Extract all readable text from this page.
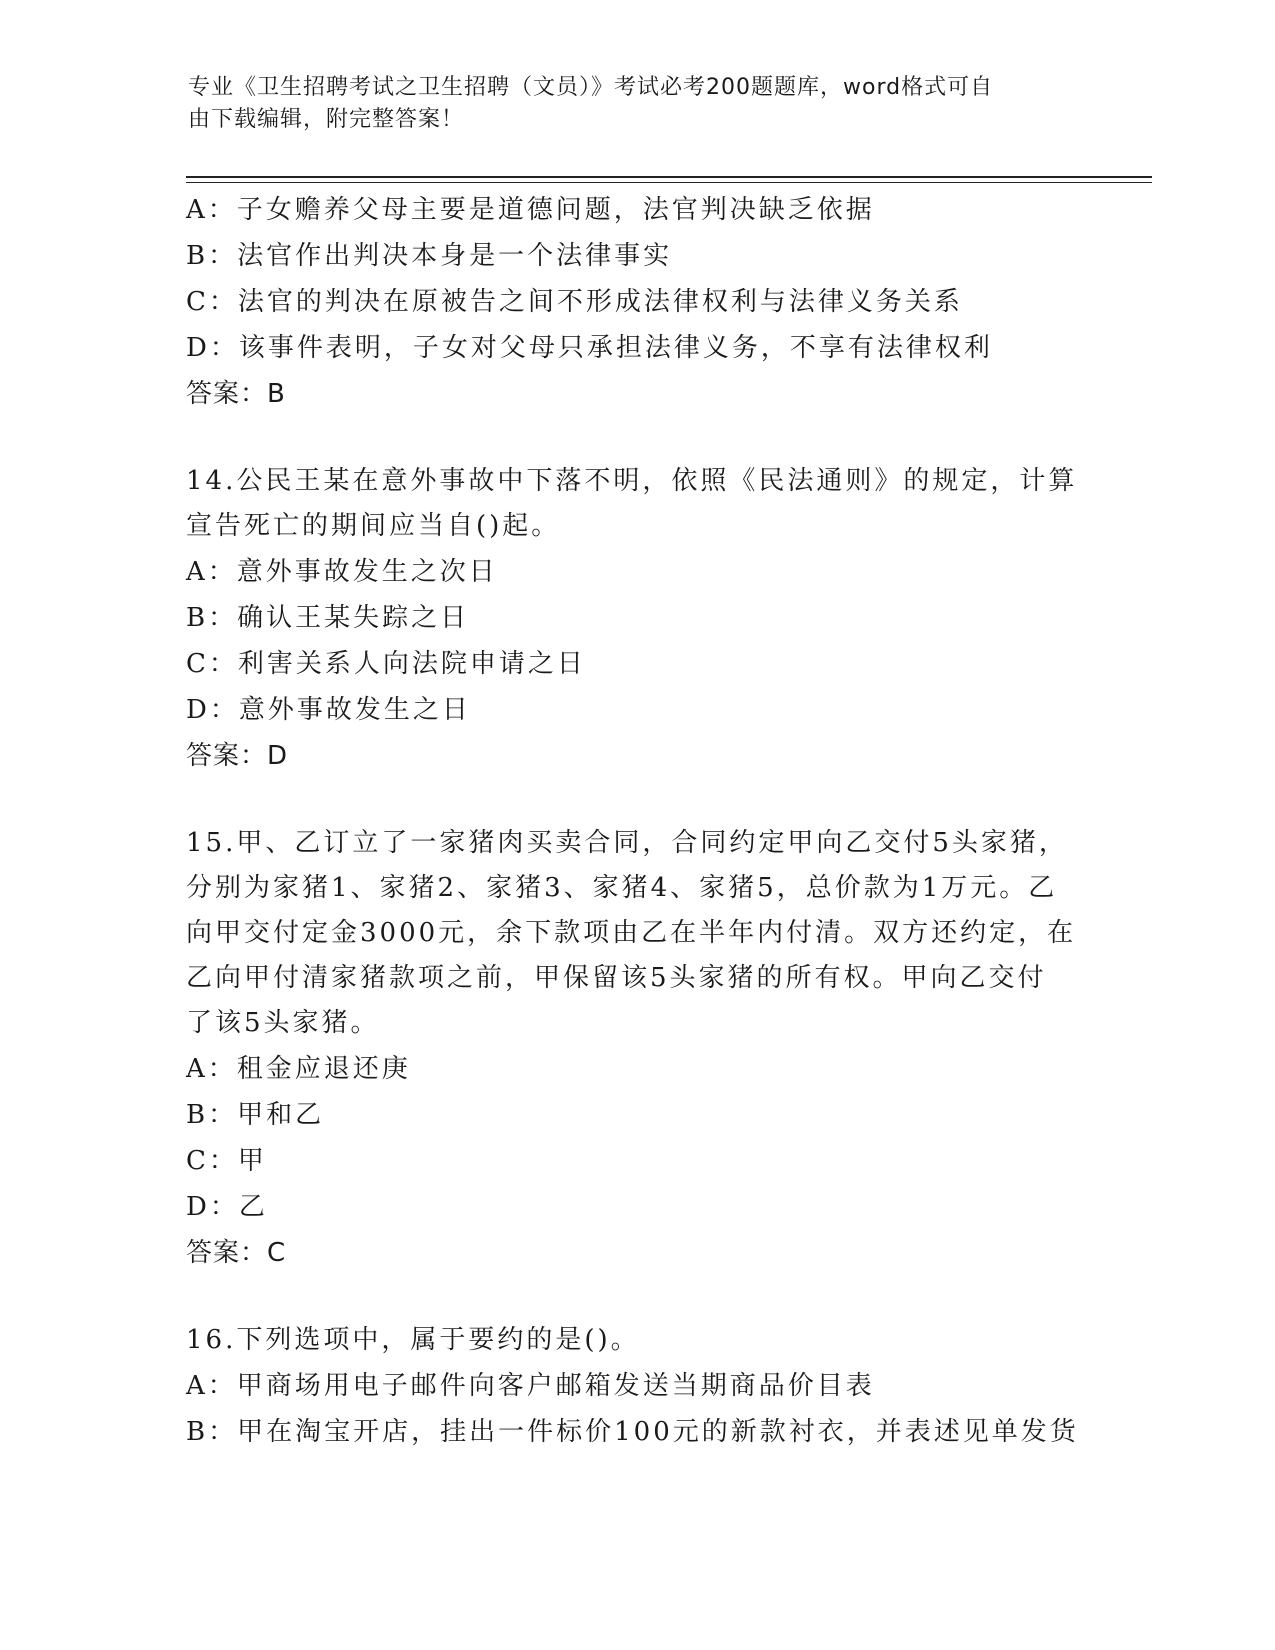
专业《卫生招聘考试之卫生招聘（文员）》考试必考200题题库，word格式可自
由下载编辑，附完整答案！
A：子女赡养父母主要是道德问题，法官判决缺乏依据
B：法官作出判决本身是一个法律事实
C：法官的判决在原被告之间不形成法律权利与法律义务关系
D：该事件表明，子女对父母只承担法律义务，不享有法律权利
答案：B
14.公民王某在意外事故中下落不明，依照《民法通则》的规定，计算
宣告死亡的期间应当自()起。
A：意外事故发生之次日
B：确认王某失踪之日
C：利害关系人向法院申请之日
D：意外事故发生之日
答案：D
15.甲、乙订立了一家猪肉买卖合同，合同约定甲向乙交付5头家猪，
分别为家猪1、家猪2、家猪3、家猪4、家猪5，总价款为1万元。乙
向甲交付定金3000元，余下款项由乙在半年内付清。双方还约定，在
乙向甲付清家猪款项之前，甲保留该5头家猪的所有权。甲向乙交付
了该5头家猪。
A：租金应退还庚
B：甲和乙
C：甲
D：乙
答案：C
16.下列选项中，属于要约的是()。
A：甲商场用电子邮件向客户邮箱发送当期商品价目表
B：甲在淘宝开店，挂出一件标价100元的新款衬衣，并表述见单发货
